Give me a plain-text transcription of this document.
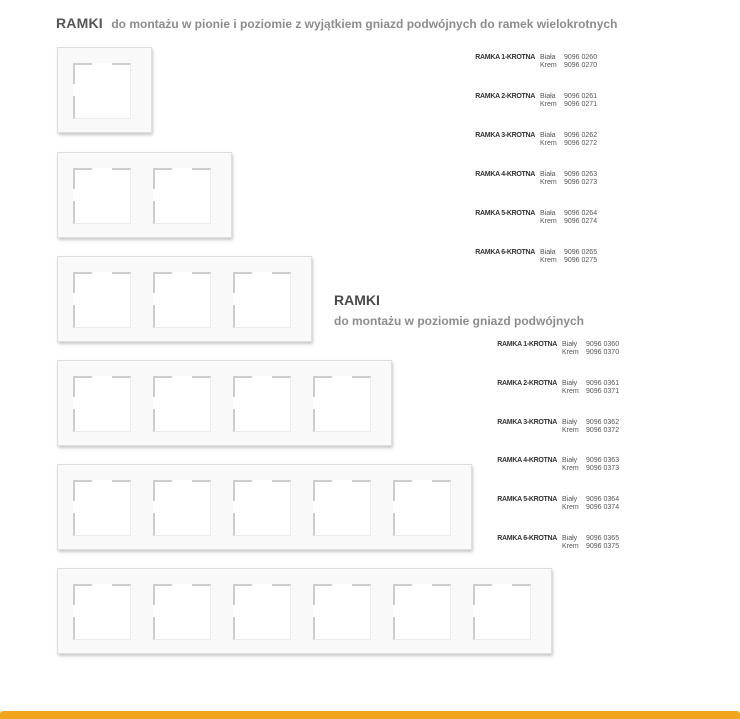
RAMKI do montażu w pionie i poziomie z wyjątkiem gniazd podwójnych do ramek wielokrotnych
RAMKA 1-KROTNA Biała	9096 0260
Krem	9096 0270
RAMKA 2-KROTNA Biała	9096 0261
Krem	9096 0271
RAMKA 3-KROTNA Biała	9096 0262
Krem	9096 0272
RAMKA 4-KROTNA Biała	9096 0263
Krem	9096 0273
RAMKA 5-KROTNA Biała	9096 0264
Krem	9096 0274
RAMKA 6-KROTNA Biała	9096 0265
Krem	9096 0275
RAMKI
do montażu w poziomie gniazd podwójnych
RAMKA 1-KROTNA Biały	9096 0360
Krem	9096 0370
RAMKA 2-KROTNA Biały	9096 0361
Krem	9096 0371
RAMKA 3-KROTNA Biały	9096 0362
Krem	9096 0372
RAMKA 4-KROTNA Biały	9096 0363
Krem	9096 0373
RAMKA 5-KROTNA Biały	9096 0364
Krem	9096 0374
RAMKA 6-KROTNA Biały	9096 0365
Krem	9096 0375
